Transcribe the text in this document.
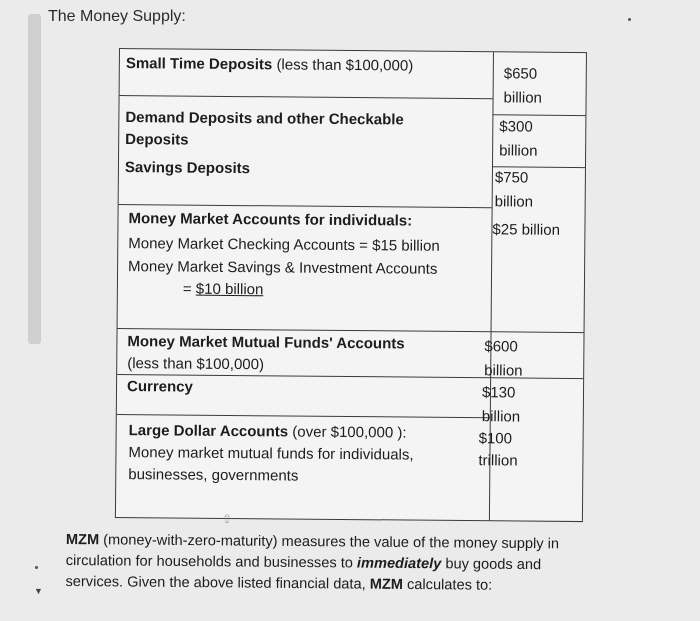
▼
The Money Supply:
Small Time Deposits (less than $100,000)	$650 billion
Demand Deposits and other Checkable Deposits
$300 billion
Savings Deposits
$750 billion
Money Market Accounts for individuals:
Money Market Checking Accounts = $15 billion
Money Market Savings & Investment Accounts
= $10 billion
$25 billion
Money Market Mutual Funds' Accounts
(less than $100,000)
$600 billion
Currency	$130 billion
Large Dollar Accounts (over $100,000 ):
Money market mutual funds for individuals,
businesses, governments
$100 trillion
⇧

MZM (money-with-zero-maturity) measures the value of the money supply in

circulation for households and businesses to immediately buy goods and

services. Given the above listed financial data, MZM calculates to:
